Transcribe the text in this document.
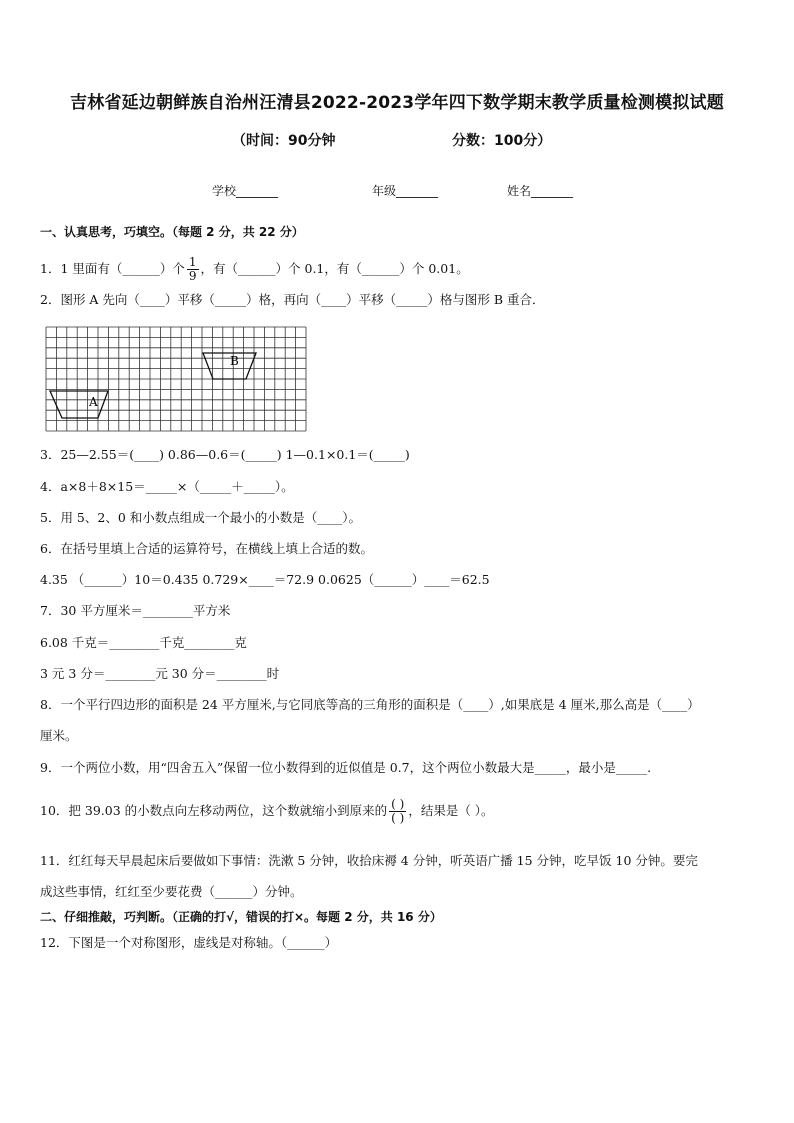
吉林省延边朝鲜族自治州汪清县2022-2023学年四下数学期末教学质量检测模拟试题
（时间：90分钟	分数：100分）
学校_______	年级_______	姓名_______
一、认真思考，巧填空。（每题 2 分，共 22 分）
1．1 里面有（______）个 $\frac{1}{9}$ ，有（______）个 0.1，有（______）个 0.01。
2．图形 A 先向（____）平移（_____）格，再向（____）平移（_____）格与图形 B 重合．
A
B
3．25—2.55＝(____) 0.86—0.6＝(_____) 1—0.1×0.1＝(_____)
4．a×8＋8×15＝_____×（_____＋_____）。
5．用 5、2、0 和小数点组成一个最小的小数是（____）。
6．在括号里填上合适的运算符号，在横线上填上合适的数。
4.35 （______）10＝0.435 0.729×____＝72.9 0.0625（______）____＝62.5
7．30 平方厘米＝________平方米
6.08 千克＝________千克________克
3 元 3 分＝________元 30 分＝________时
8．一个平行四边形的面积是 24 平方厘米,与它同底等高的三角形的面积是（____）,如果底是 4 厘米,那么高是（____）
厘米。
9．一个两位小数，用“四舍五入”保留一位小数得到的近似值是 0.7，这个两位小数最大是_____，最小是_____.
10．把 39.03 的小数点向左移动两位，这个数就缩小到原来的 $\frac{( )}{( )}$ ，结果是（ ）。
11．红红每天早晨起床后要做如下事情：洗漱 5 分钟，收拾床褥 4 分钟，听英语广播 15 分钟，吃早饭 10 分钟。要完
成这些事情，红红至少要花费（______）分钟。
二、仔细推敲，巧判断。（正确的打√，错误的打×。每题 2 分，共 16 分）
12．下图是一个对称图形，虚线是对称轴。（______）
